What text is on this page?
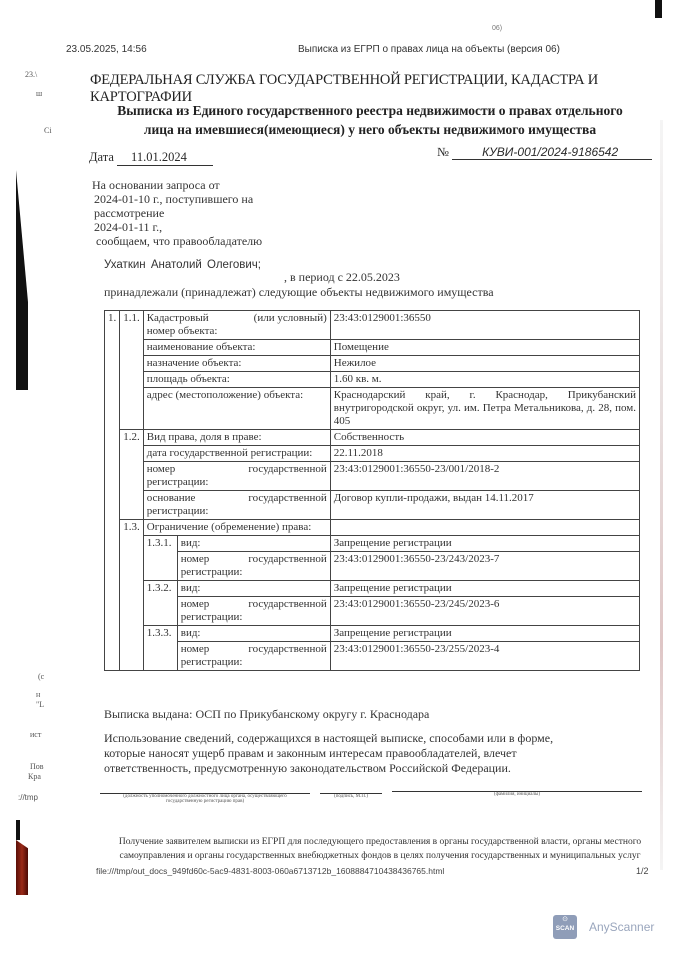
23.\
ш
Сі
(с
н
"L
ист
Пов
Кра
://tmp
06)
23.05.2025, 14:56	Выписка из ЕГРП о правах лица на объекты (версия 06)
ФЕДЕРАЛЬНАЯ СЛУЖБА ГОСУДАРСТВЕННОЙ РЕГИСТРАЦИИ, КАДАСТРА И КАРТОГРАФИИ
Выписка из Единого государственного реестра недвижимости о правах отдельного
лица на имевшиеся(имеющиеся) у него объекты недвижимого имущества
Дата 11.01.2024	№	КУВИ-001/2024-9186542
На основании запроса от
2024-01-10 г., поступившего на
рассмотрение
2024-01-11 г.,
сообщаем, что правообладателю
Ухаткин Анатолий Олегович;
, в период с 22.05.2023
принадлежали (принадлежат) следующие объекты недвижимого имущества
1.	1.1.	Кадастровый (или условный)
номер объекта:		23:43:0129001:36550
		наименование объекта:		Помещение
		назначение объекта:		Нежилое
		площадь объекта:		1.60 кв. м.
		адрес (местоположение) объекта:		Краснодарский край, г. Краснодар, Прикубанский внутригородской округ, ул. им. Петра Метальникова, д. 28, пом. 405
	1.2.	Вид права, доля в праве:		Собственность
		дата государственной регистрации:		22.11.2018

		номер государственной
регистрации:		23:43:0129001:36550-23/001/2018-2

		основание государственной
регистрации:		Договор купли-продажи, выдан 14.11.2017
	1.3.	Ограничение (обременение) права:		
		1.3.1.	вид:	Запрещение регистрации

			номер государственной
регистрации:	23:43:0129001:36550-23/243/2023-7
		1.3.2.	вид:	Запрещение регистрации

			номер государственной
регистрации:	23:43:0129001:36550-23/245/2023-6
		1.3.3.	вид:	Запрещение регистрации

			номер государственной
регистрации:	23:43:0129001:36550-23/255/2023-4
Выписка выдана: ОСП по Прикубанскому округу г. Краснодара
Использование сведений, содержащихся в настоящей выписке, способами или в форме,
которые наносят ущерб правам и законным интересам правообладателей, влечет
ответственность, предусмотренную законодательством Российской Федерации.
(должность уполномоченного должностного лица органа, осуществляющего
государственную регистрацию прав)
(подпись, М.П.)	(фамилия, инициалы)
Получение заявителем выписки из ЕГРП для последующего предоставления в органы государственной власти, органы местного
самоуправления и органы государственных внебюджетных фондов в целях получения государственных и муниципальных услуг
file:///tmp/out_docs_949fd60c-5ac9-4831-8003-060a6713712b_1608884710438436765.html	1/2
⊙
SCAN AnyScanner
